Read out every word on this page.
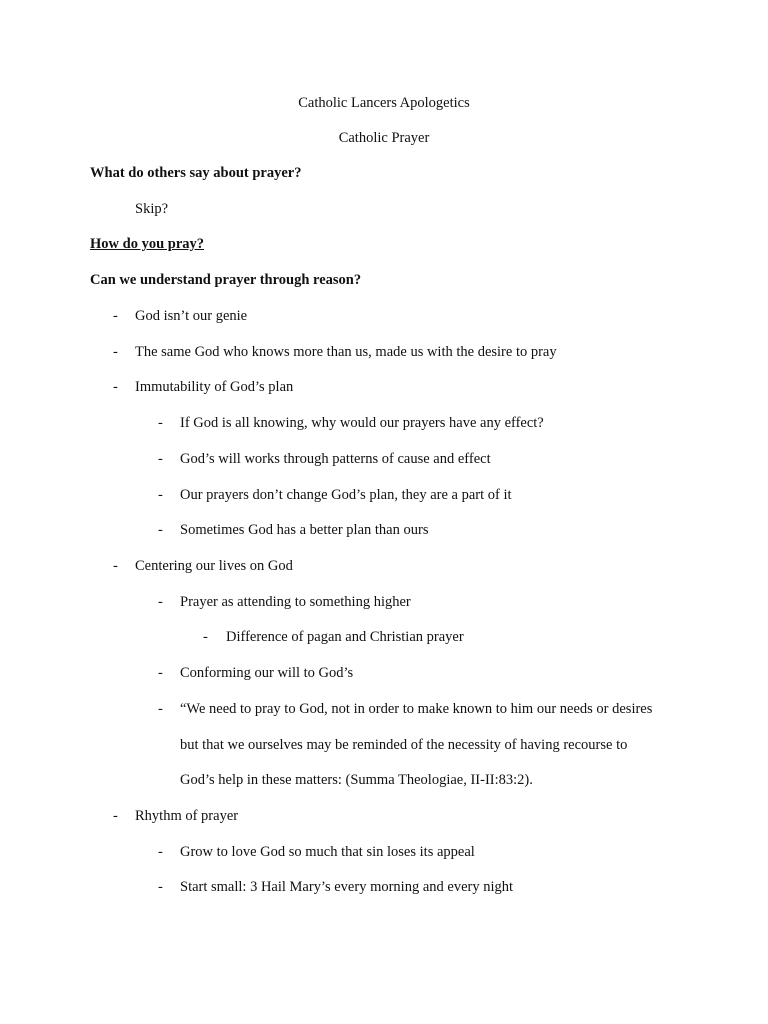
Catholic Lancers Apologetics
Catholic Prayer
What do others say about prayer?
Skip?
How do you pray?
Can we understand prayer through reason?
- God isn’t our genie
- The same God who knows more than us, made us with the desire to pray
- Immutability of God’s plan
- If God is all knowing, why would our prayers have any effect?
- God’s will works through patterns of cause and effect
- Our prayers don’t change God’s plan, they are a part of it
- Sometimes God has a better plan than ours
- Centering our lives on God
- Prayer as attending to something higher
- Difference of pagan and Christian prayer
- Conforming our will to God’s
- “We need to pray to God, not in order to make known to him our needs or desires
but that we ourselves may be reminded of the necessity of having recourse to
God’s help in these matters: (Summa Theologiae, II-II:83:2).
- Rhythm of prayer
- Grow to love God so much that sin loses its appeal
- Start small: 3 Hail Mary’s every morning and every night
